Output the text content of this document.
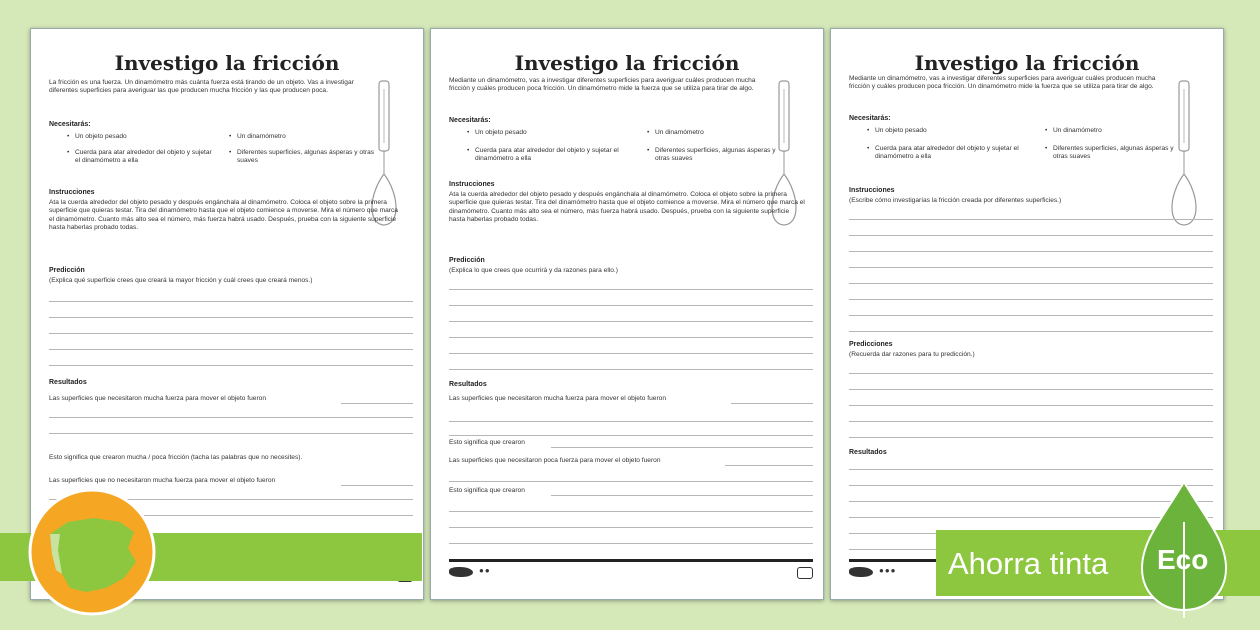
Investigo la fricción
La fricción es una fuerza. Un dinamómetro más cuánta fuerza está tirando de un objeto. Vas a investigar diferentes superficies para averiguar las que producen mucha fricción y las que producen poca.
Necesitarás:
• Un objeto pesado	• Un dinamómetro
• Cuerda para atar alrededor del objeto y sujetar el dinamómetro a ella
• Diferentes superficies, algunas ásperas y otras suaves
Instrucciones
Ata la cuerda alrededor del objeto pesado y después engánchala al dinamómetro. Coloca el objeto sobre la primera superficie que quieras testar. Tira del dinamómetro hasta que el objeto comience a moverse. Mira el número que marca el dinamómetro. Cuanto más alto sea el número, más fuerza habrá usado. Después, prueba con la siguiente superficie hasta haberlas probado todas.
Predicción
(Explica qué superficie crees que creará la mayor fricción y cuál crees que creará menos.)
Resultados
Las superficies que necesitaron mucha fuerza para mover el objeto fueron
Esto significa que crearon mucha / poca fricción (tacha las palabras que no necesites).
Las superficies que no necesitaron mucha fuerza para mover el objeto fueron
Investigo la fricción
Mediante un dinamómetro, vas a investigar diferentes superficies para averiguar cuáles producen mucha fricción y cuáles producen poca fricción. Un dinamómetro mide la fuerza que se utiliza para tirar de algo.
Necesitarás:
• Un objeto pesado	• Un dinamómetro
• Cuerda para atar alrededor del objeto y sujetar el dinamómetro a ella
• Diferentes superficies, algunas ásperas y otras suaves
Instrucciones
Ata la cuerda alrededor del objeto pesado y después engánchala al dinamómetro. Coloca el objeto sobre la primera superficie que quieras testar. Tira del dinamómetro hasta que el objeto comience a moverse. Mira el número que marca el dinamómetro. Cuanto más alto sea el número, más fuerza habrá usado. Después, prueba con la siguiente superficie hasta haberlas probado todas.
Predicción
(Explica lo que crees que ocurrirá y da razones para ello.)
Resultados
Las superficies que necesitaron mucha fuerza para mover el objeto fueron
Esto significa que crearon
Las superficies que necesitaron poca fuerza para mover el objeto fueron
Esto significa que crearon
●●
Investigo la fricción
Mediante un dinamómetro, vas a investigar diferentes superficies para averiguar cuáles producen mucha fricción y cuáles producen poca fricción. Un dinamómetro mide la fuerza que se utiliza para tirar de algo.
Necesitarás:
• Un objeto pesado	• Un dinamómetro
• Cuerda para atar alrededor del objeto y sujetar el dinamómetro a ella
• Diferentes superficies, algunas ásperas y otras suaves
Instrucciones
(Escribe cómo investigarías la fricción creada por diferentes superficies.)
Predicciones
(Recuerda dar razones para tu predicción.)
Resultados
●●● Ahorra tinta Eco
